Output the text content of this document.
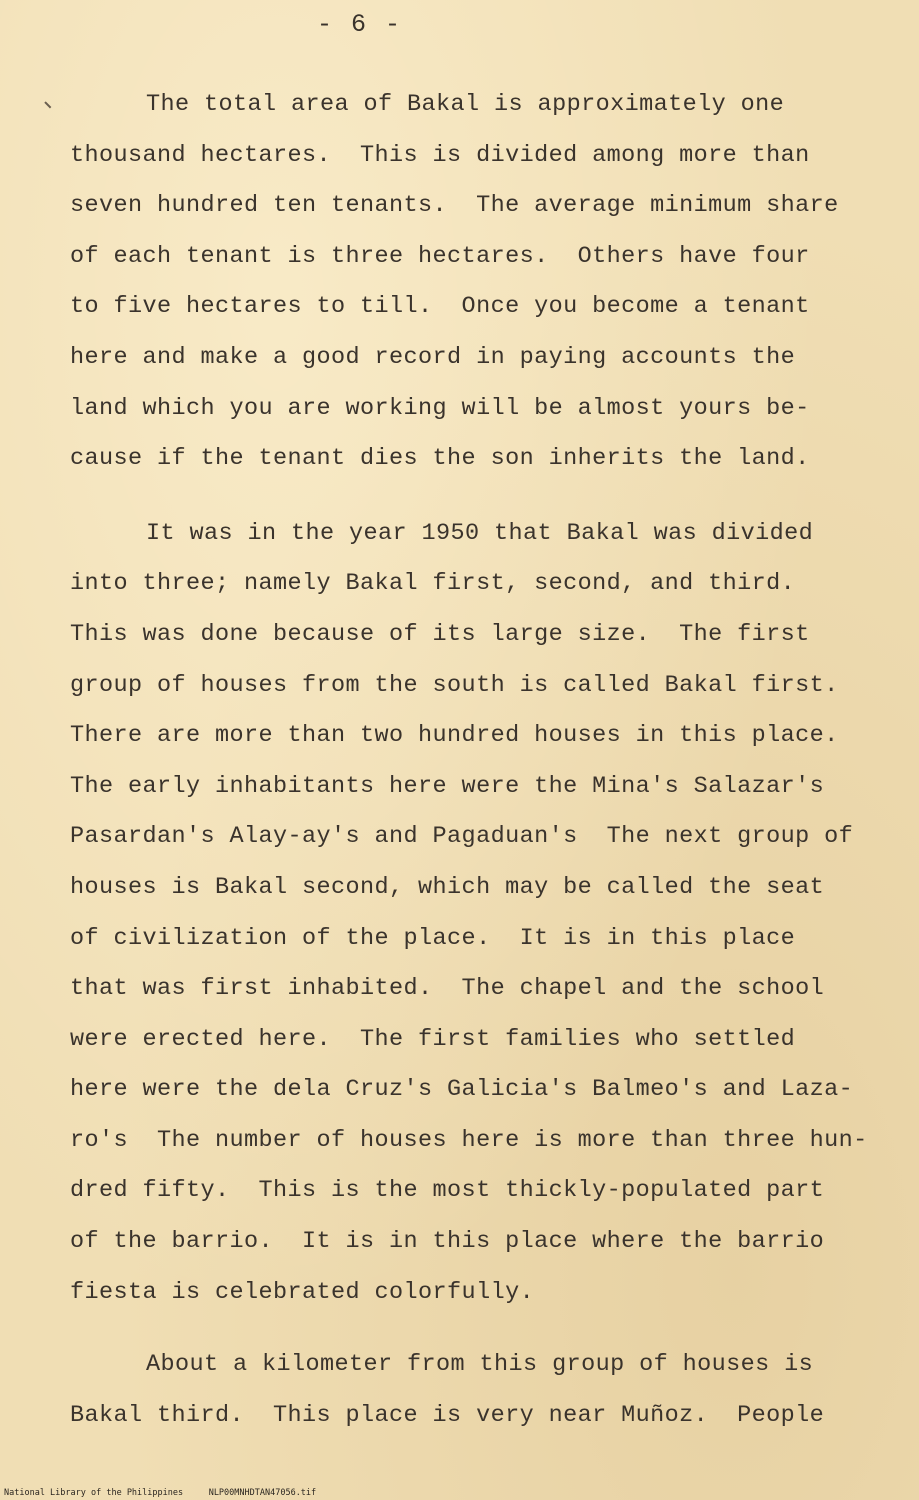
- 6 -
The total area of Bakal is approximately one
thousand hectares.  This is divided among more than
seven hundred ten tenants.  The average minimum share
of each tenant is three hectares.  Others have four
to five hectares to till.  Once you become a tenant
here and make a good record in paying accounts the
land which you are working will be almost yours be-
cause if the tenant dies the son inherits the land.
It was in the year 1950 that Bakal was divided
into three; namely Bakal first, second, and third.
This was done because of its large size.  The first
group of houses from the south is called Bakal first.
There are more than two hundred houses in this place.
The early inhabitants here were the Mina's Salazar's
Pasardan's Alay-ay's and Pagaduan's  The next group of
houses is Bakal second, which may be called the seat
of civilization of the place.  It is in this place
that was first inhabited.  The chapel and the school
were erected here.  The first families who settled
here were the dela Cruz's Galicia's Balmeo's and Laza-
ro's  The number of houses here is more than three hun-
dred fifty.  This is the most thickly-populated part
of the barrio.  It is in this place where the barrio
fiesta is celebrated colorfully.
About a kilometer from this group of houses is
Bakal third.  This place is very near Muñoz.  People
National Library of the Philippines     NLP00MNHDTAN47056.tif
